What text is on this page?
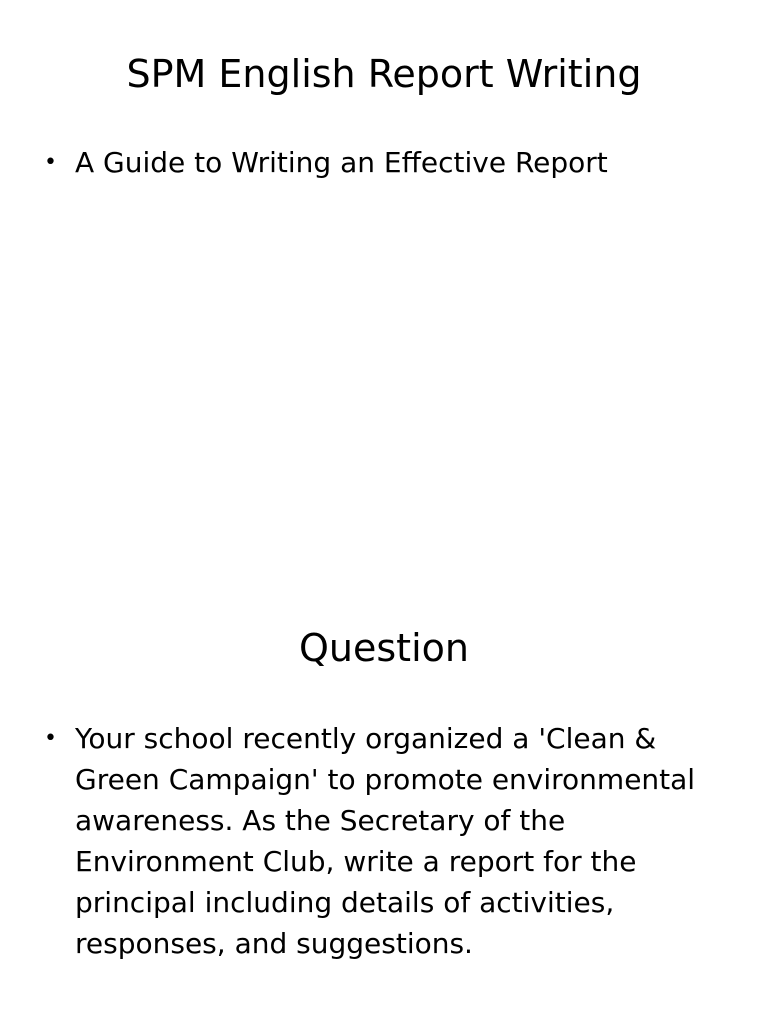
SPM English Report Writing
• A Guide to Writing an Effective Report
Question
• Your school recently organized a 'Clean & Green Campaign' to promote environmental awareness. As the Secretary of the Environment Club, write a report for the principal including details of activities, responses, and suggestions.
